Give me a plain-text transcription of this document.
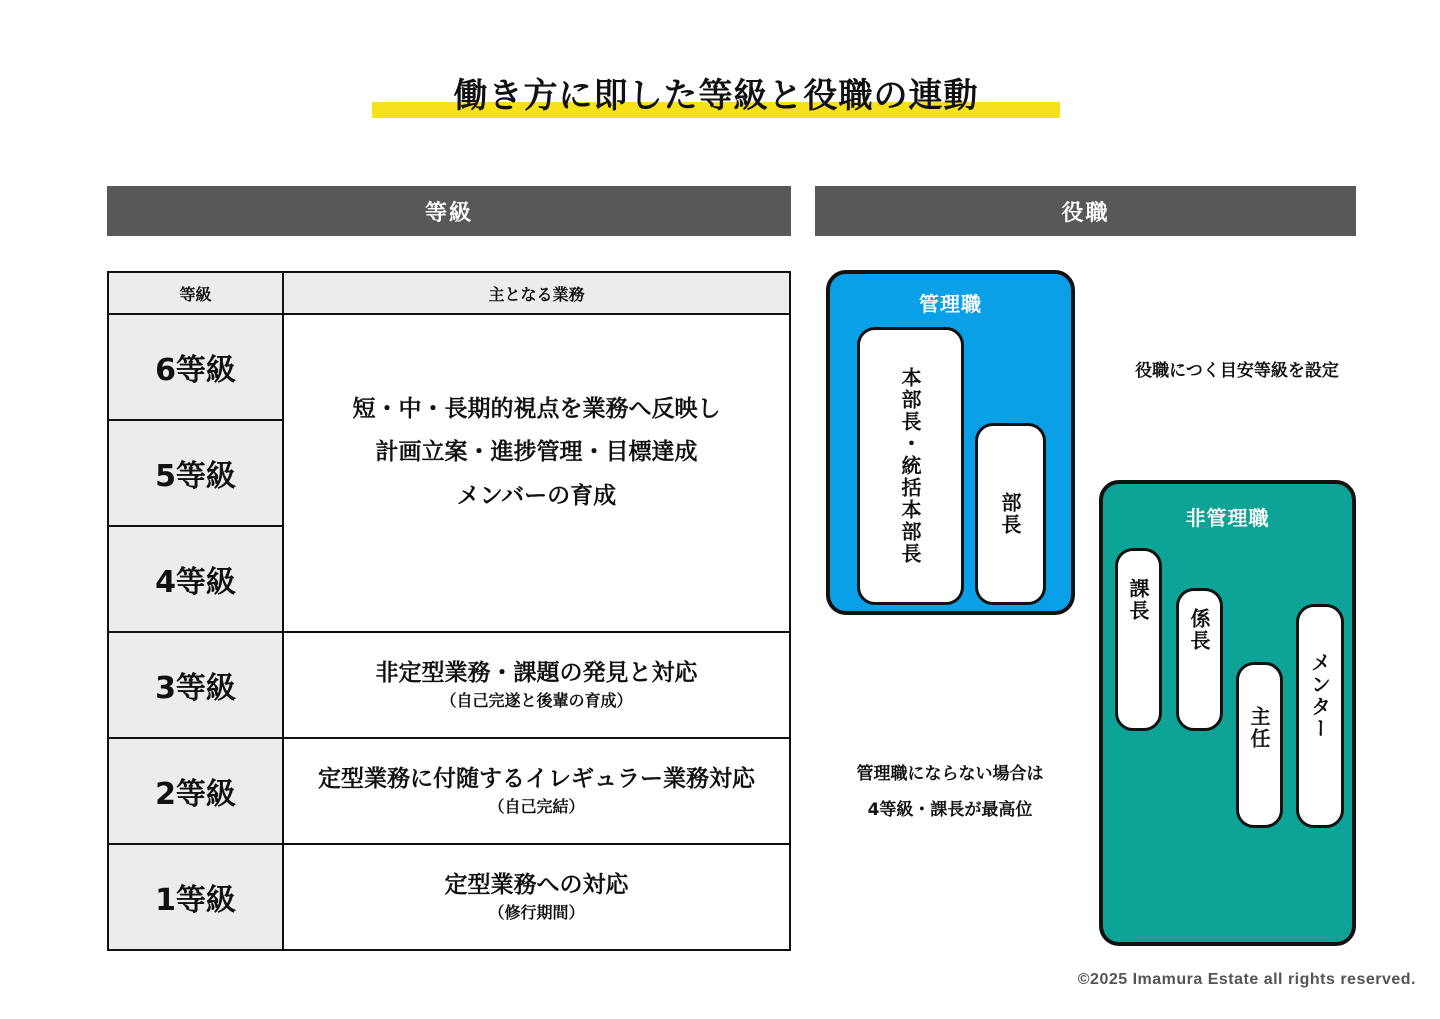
働き方に即した等級と役職の連動
等級	役職
等級	主となる業務
6等級	短・中・長期的視点を業務へ反映し
計画立案・進捗管理・目標達成
メンバーの育成

5等級	
4等級	
3等級	非定型業務・課題の発見と対応
（自己完遂と後輩の育成）

2等級	定型業務に付随するイレギュラー業務対応
（自己完結）

1等級	定型業務への対応
（修行期間）
管理職
本部長・統括本部長	部長	非管理職
課長
係長
主任 メンター
役職につく目安等級を設定
管理職にならない場合は
4等級・課長が最高位
©2025 Imamura Estate all rights reserved.
